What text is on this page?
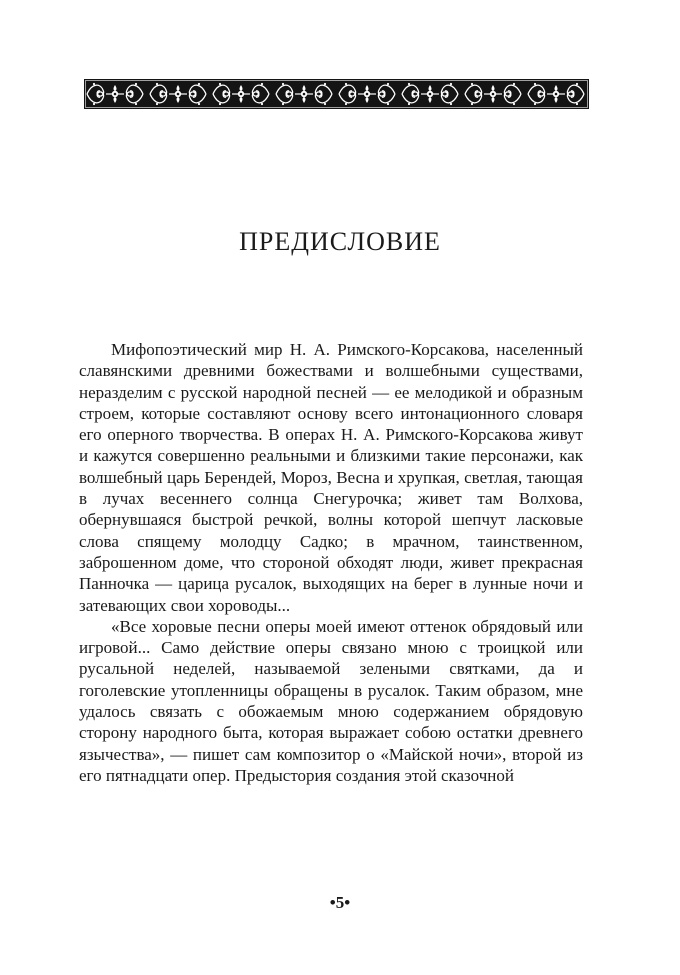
ПРЕДИСЛОВИЕ

Мифопоэтический мир Н. А. Римского-Корсакова, населенный славянскими древними божествами и волшебными существами, неразделим с русской народной песней — ее мелодикой и образным строем, которые составляют основу всего интонационного словаря его оперного творчества. В операх Н. А. Римского-Корсакова живут и кажутся совершенно реальными и близкими такие персонажи, как волшебный царь Берендей, Мороз, Весна и хрупкая, светлая, тающая в лучах весеннего солнца Снегурочка; живет там Волхова, обернувшаяся быстрой речкой, волны которой шепчут ласковые слова спящему молодцу Садко; в мрачном, таинственном, заброшенном доме, что стороной обходят люди, живет прекрасная Панночка — царица русалок, выходящих на берег в лунные ночи и затевающих свои хороводы...

«Все хоровые песни оперы моей имеют оттенок обрядовый или игровой... Само действие оперы связано мною с троицкой или русальной неделей, называемой зелеными святками, да и гоголевские утопленницы обращены в русалок. Таким образом, мне удалось связать с обожаемым мною содержанием обрядовую сторону народного быта, которая выражает собою остатки древнего язычества», — пишет сам композитор о «Майской ночи», второй из его пятнадцати опер. Предыстория создания этой сказочной

•5•
